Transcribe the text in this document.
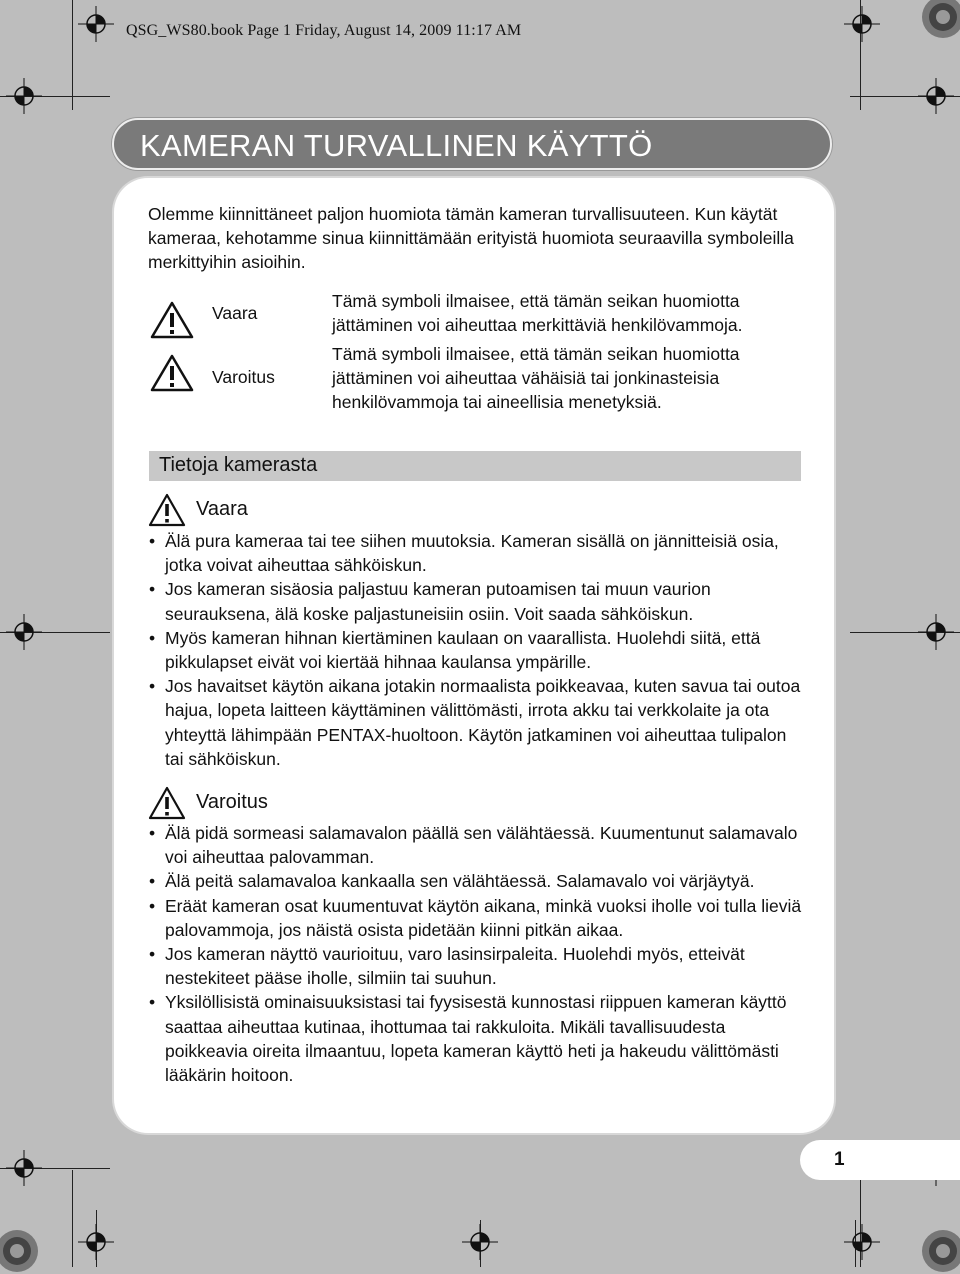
QSG_WS80.book Page 1 Friday, August 14, 2009 11:17 AM
KAMERAN TURVALLINEN KÄYTTÖ
Olemme kiinnittäneet paljon huomiota tämän kameran turvallisuuteen. Kun käytät kameraa, kehotamme sinua kiinnittämään erityistä huomiota seuraavilla symboleilla merkittyihin asioihin.
Vaara
Tämä symboli ilmaisee, että tämän seikan huomiotta jättäminen voi aiheuttaa merkittäviä henkilövammoja.
Varoitus
Tämä symboli ilmaisee, että tämän seikan huomiotta jättäminen voi aiheuttaa vähäisiä tai jonkinasteisia henkilövammoja tai aineellisia menetyksiä.
Tietoja kamerasta
Vaara
• Älä pura kameraa tai tee siihen muutoksia. Kameran sisällä on jännitteisiä osia, jotka voivat aiheuttaa sähköiskun.
• Jos kameran sisäosia paljastuu kameran putoamisen tai muun vaurion seurauksena, älä koske paljastuneisiin osiin. Voit saada sähköiskun.
• Myös kameran hihnan kiertäminen kaulaan on vaarallista. Huolehdi siitä, että pikkulapset eivät voi kiertää hihnaa kaulansa ympärille.
• Jos havaitset käytön aikana jotakin normaalista poikkeavaa, kuten savua tai outoa hajua, lopeta laitteen käyttäminen välittömästi, irrota akku tai verkkolaite ja ota yhteyttä lähimpään PENTAX-huoltoon. Käytön jatkaminen voi aiheuttaa tulipalon tai sähköiskun.
Varoitus
• Älä pidä sormeasi salamavalon päällä sen välähtäessä. Kuumentunut salamavalo voi aiheuttaa palovamman.
• Älä peitä salamavaloa kankaalla sen välähtäessä. Salamavalo voi värjäytyä.
• Eräät kameran osat kuumentuvat käytön aikana, minkä vuoksi iholle voi tulla lieviä palovammoja, jos näistä osista pidetään kiinni pitkän aikaa.
• Jos kameran näyttö vaurioituu, varo lasinsirpaleita. Huolehdi myös, etteivät nestekiteet pääse iholle, silmiin tai suuhun.
• Yksilöllisistä ominaisuuksistasi tai fyysisestä kunnostasi riippuen kameran käyttö saattaa aiheuttaa kutinaa, ihottumaa tai rakkuloita. Mikäli tavallisuudesta poikkeavia oireita ilmaantuu, lopeta kameran käyttö heti ja hakeudu välittömästi lääkärin hoitoon.
1
